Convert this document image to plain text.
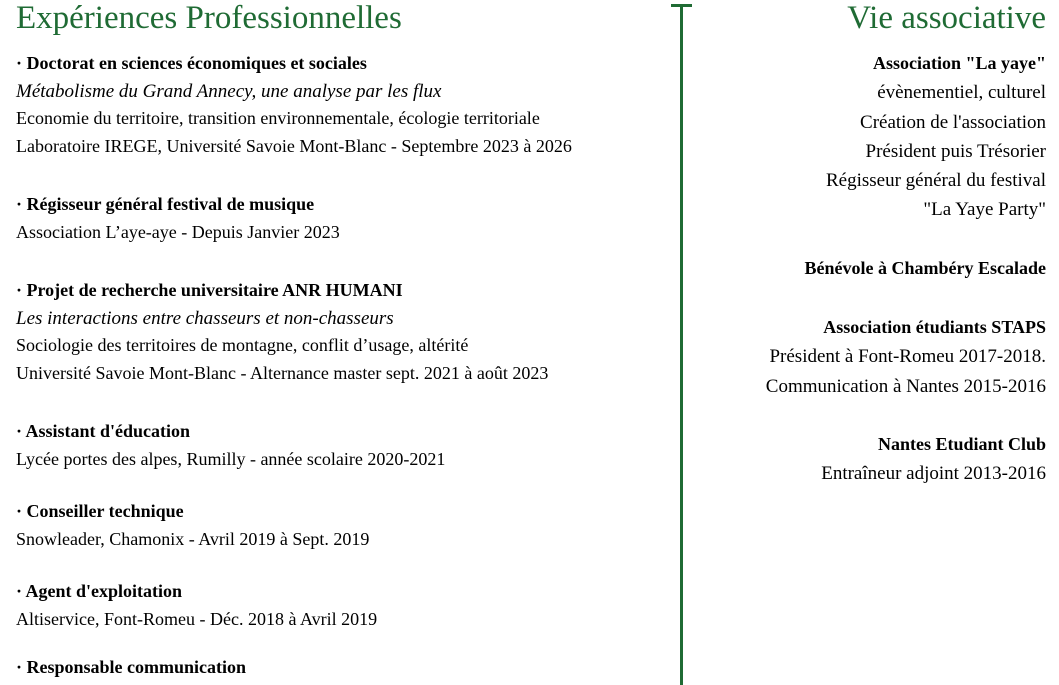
Expériences Professionnelles
· Doctorat en sciences économiques et sociales
Métabolisme du Grand Annecy, une analyse par les flux
Economie du territoire, transition environnementale, écologie territoriale
Laboratoire IREGE, Université Savoie Mont-Blanc - Septembre 2023 à 2026
· Régisseur général festival de musique
Association L’aye-aye - Depuis Janvier 2023
· Projet de recherche universitaire ANR HUMANI
Les interactions entre chasseurs et non-chasseurs
Sociologie des territoires de montagne, conflit d’usage, altérité
Université Savoie Mont-Blanc - Alternance master sept. 2021 à août 2023
· Assistant d'éducation
Lycée portes des alpes, Rumilly - année scolaire 2020-2021
· Conseiller technique
Snowleader, Chamonix - Avril 2019 à Sept. 2019
· Agent d'exploitation
Altiservice, Font-Romeu - Déc. 2018 à Avril 2019
· Responsable communication
Vie associative
Association "La yaye"
évènementiel, culturel
Création de l'association
Président puis Trésorier
Régisseur général du festival
"La Yaye Party"
Bénévole à Chambéry Escalade
Association étudiants STAPS
Président à Font-Romeu 2017-2018.
Communication à Nantes 2015-2016
Nantes Etudiant Club
Entraîneur adjoint 2013-2016
